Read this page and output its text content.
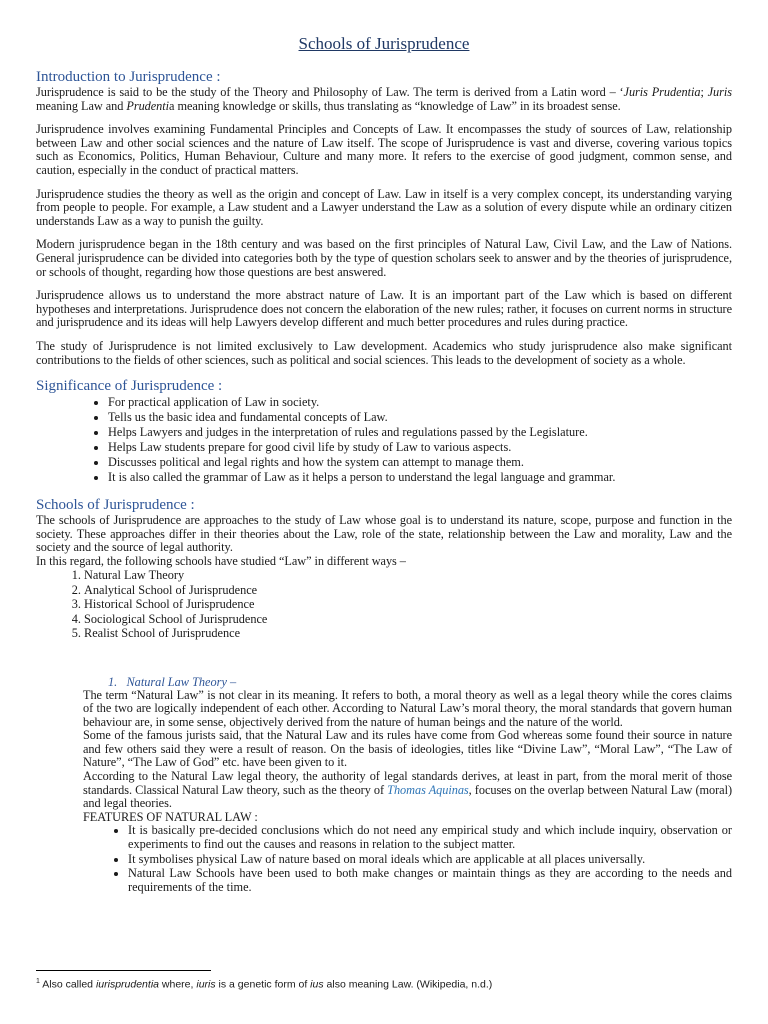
Schools of Jurisprudence
Introduction to Jurisprudence :

Jurisprudence is said to be the study of the Theory and Philosophy of Law. The term is derived from a Latin word – ‘Juris Prudentia; Juris meaning Law and Prudentia meaning knowledge or skills, thus translating as “knowledge of Law” in its broadest sense.

Jurisprudence involves examining Fundamental Principles and Concepts of Law. It encompasses the study of sources of Law, relationship between Law and other social sciences and the nature of Law itself. The scope of Jurisprudence is vast and diverse, covering various topics such as Economics, Politics, Human Behaviour, Culture and many more. It refers to the exercise of good judgment, common sense, and caution, especially in the conduct of practical matters.

Jurisprudence studies the theory as well as the origin and concept of Law. Law in itself is a very complex concept, its understanding varying from people to people. For example, a Law student and a Lawyer understand the Law as a solution of every dispute while an ordinary citizen understands Law as a way to punish the guilty.

Modern jurisprudence began in the 18th century and was based on the first principles of Natural Law, Civil Law, and the Law of Nations. General jurisprudence can be divided into categories both by the type of question scholars seek to answer and by the theories of jurisprudence, or schools of thought, regarding how those questions are best answered.

Jurisprudence allows us to understand the more abstract nature of Law. It is an important part of the Law which is based on different hypotheses and interpretations. Jurisprudence does not concern the elaboration of the new rules; rather, it focuses on current norms in structure and jurisprudence and its ideas will help Lawyers develop different and much better procedures and rules during practice.

The study of Jurisprudence is not limited exclusively to Law development. Academics who study jurisprudence also make significant contributions to the fields of other sciences, such as political and social sciences. This leads to the development of society as a whole.

Significance of Jurisprudence :
• For practical application of Law in society.
• Tells us the basic idea and fundamental concepts of Law.
• Helps Lawyers and judges in the interpretation of rules and regulations passed by the Legislature.
• Helps Law students prepare for good civil life by study of Law to various aspects.
• Discusses political and legal rights and how the system can attempt to manage them.
• It is also called the grammar of Law as it helps a person to understand the legal language and grammar.
Schools of Jurisprudence :

The schools of Jurisprudence are approaches to the study of Law whose goal is to understand its nature, scope, purpose and function in the society. These approaches differ in their theories about the Law, role of the state, relationship between the Law and morality, Law and the society and the source of legal authority.

In this regard, the following schools have studied “Law” in different ways –

1. Natural Law Theory
2. Analytical School of Jurisprudence
3. Historical School of Jurisprudence
4. Sociological School of Jurisprudence
5. Realist School of Jurisprudence
1. Natural Law Theory –

The term “Natural Law” is not clear in its meaning. It refers to both, a moral theory as well as a legal theory while the cores claims of the two are logically independent of each other. According to Natural Law’s moral theory, the moral standards that govern human behaviour are, in some sense, objectively derived from the nature of human beings and the nature of the world.

Some of the famous jurists said, that the Natural Law and its rules have come from God whereas some found their source in nature and few others said they were a result of reason. On the basis of ideologies, titles like “Divine Law”, “Moral Law”, “The Law of Nature”, “The Law of God” etc. have been given to it.

According to the Natural Law legal theory, the authority of legal standards derives, at least in part, from the moral merit of those standards. Classical Natural Law theory, such as the theory of Thomas Aquinas, focuses on the overlap between Natural Law (moral) and legal theories.

FEATURES OF NATURAL LAW :

• It is basically pre-decided conclusions which do not need any empirical study and which include inquiry, observation or experiments to find out the causes and reasons in relation to the subject matter.
• It symbolises physical Law of nature based on moral ideals which are applicable at all places universally.
• Natural Law Schools have been used to both make changes or maintain things as they are according to the needs and requirements of the time.
$^1$ Also called iurisprudentia where, iuris is a genetic form of ius also meaning Law. (Wikipedia, n.d.)
